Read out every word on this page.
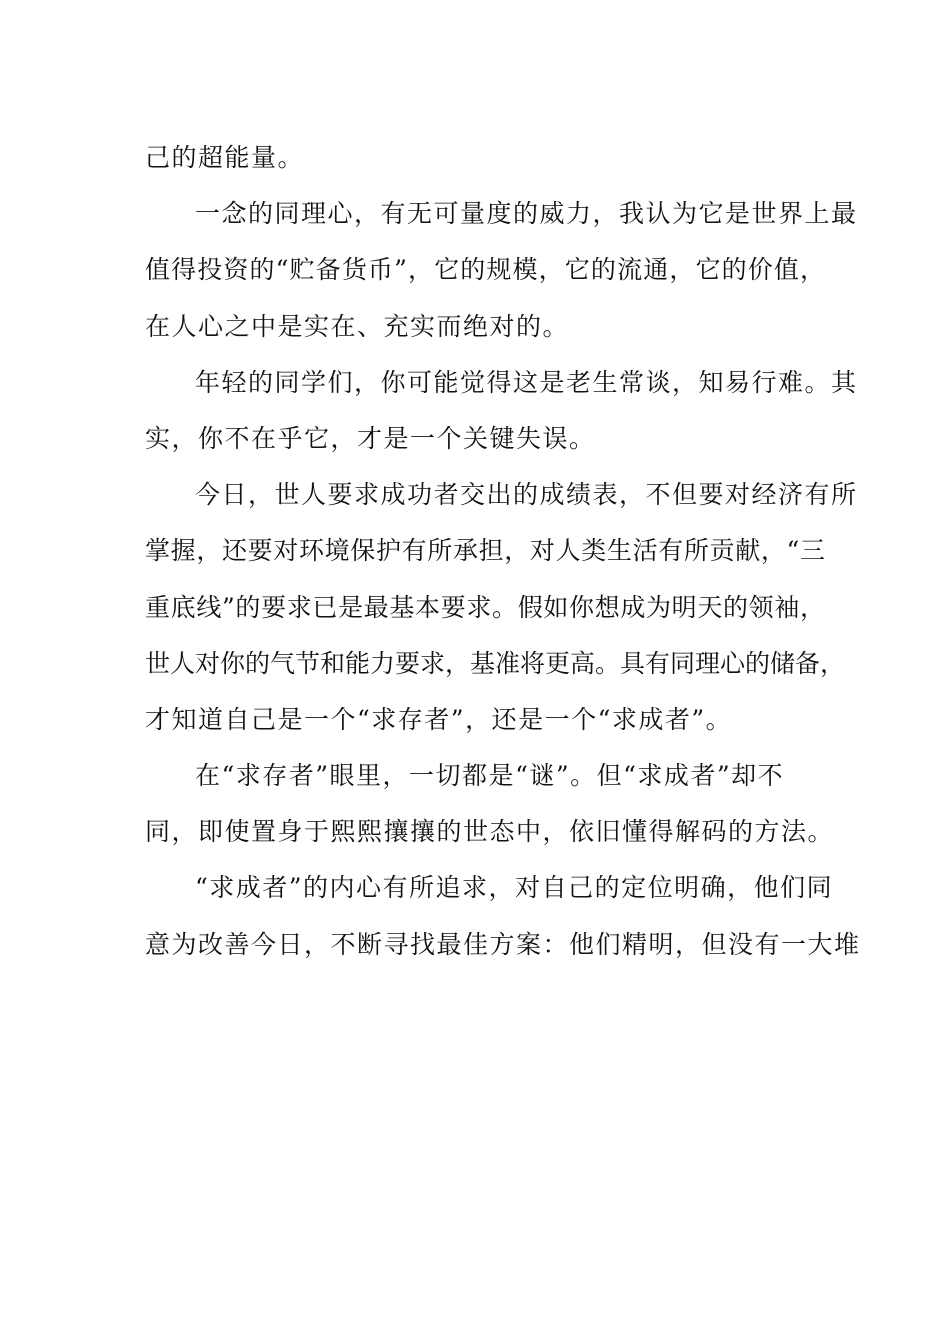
己的超能量。
一念的同理心，有无可量度的威力，我认为它是世界上最
值得投资的“贮备货币”，它的规模，它的流通，它的价值，
在人心之中是实在、充实而绝对的。
年轻的同学们，你可能觉得这是老生常谈，知易行难。其
实，你不在乎它，才是一个关键失误。
今日，世人要求成功者交出的成绩表，不但要对经济有所
掌握，还要对环境保护有所承担，对人类生活有所贡献，“三
重底线”的要求已是最基本要求。假如你想成为明天的领袖，
世人对你的气节和能力要求，基准将更高。具有同理心的储备，
才知道自己是一个“求存者”，还是一个“求成者”。
在“求存者”眼里，一切都是“谜”。但“求成者”却不
同，即使置身于熙熙攘攘的世态中，依旧懂得解码的方法。
“求成者”的内心有所追求，对自己的定位明确，他们同
意为改善今日，不断寻找最佳方案：他们精明，但没有一大堆
